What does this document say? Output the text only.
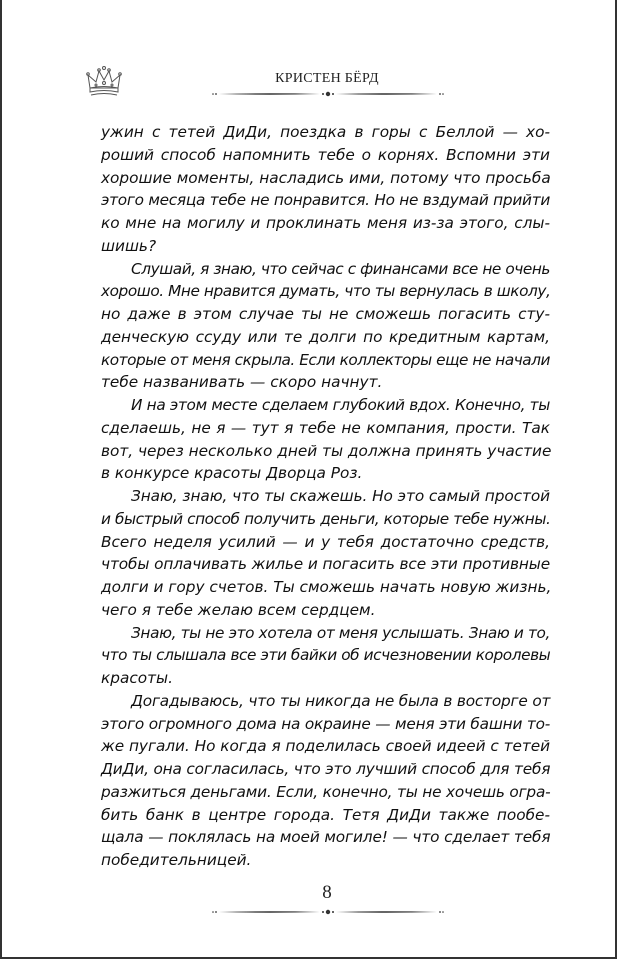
КРИСТЕН БЁРД
ужин с тетей ДиДи, поездка в горы с Беллой — хо-
роший способ напомнить тебе о корнях. Вспомни эти
хорошие моменты, насладись ими, потому что просьба
этого месяца тебе не понравится. Но не вздумай прийти
ко мне на могилу и проклинать меня из-за этого, слы-
шишь?
Слушай, я знаю, что сейчас с финансами все не очень
хорошо. Мне нравится думать, что ты вернулась в школу,
но даже в этом случае ты не сможешь погасить сту-
денческую ссуду или те долги по кредитным картам,
которые от меня скрыла. Если коллекторы еще не начали
тебе названивать — скоро начнут.
И на этом месте сделаем глубокий вдох. Конечно, ты
сделаешь, не я — тут я тебе не компания, прости. Так
вот, через несколько дней ты должна принять участие
в конкурсе красоты Дворца Роз.
Знаю, знаю, что ты скажешь. Но это самый простой
и быстрый способ получить деньги, которые тебе нужны.
Всего неделя усилий — и у тебя достаточно средств,
чтобы оплачивать жилье и погасить все эти противные
долги и гору счетов. Ты сможешь начать новую жизнь,
чего я тебе желаю всем сердцем.
Знаю, ты не это хотела от меня услышать. Знаю и то,
что ты слышала все эти байки об исчезновении королевы
красоты.
Догадываюсь, что ты никогда не была в восторге от
этого огромного дома на окраине — меня эти башни то-
же пугали. Но когда я поделилась своей идеей с тетей
ДиДи, она согласилась, что это лучший способ для тебя
разжиться деньгами. Если, конечно, ты не хочешь огра-
бить банк в центре города. Тетя ДиДи также пообе-
щала — поклялась на моей могиле! — что сделает тебя
победительницей.
8
